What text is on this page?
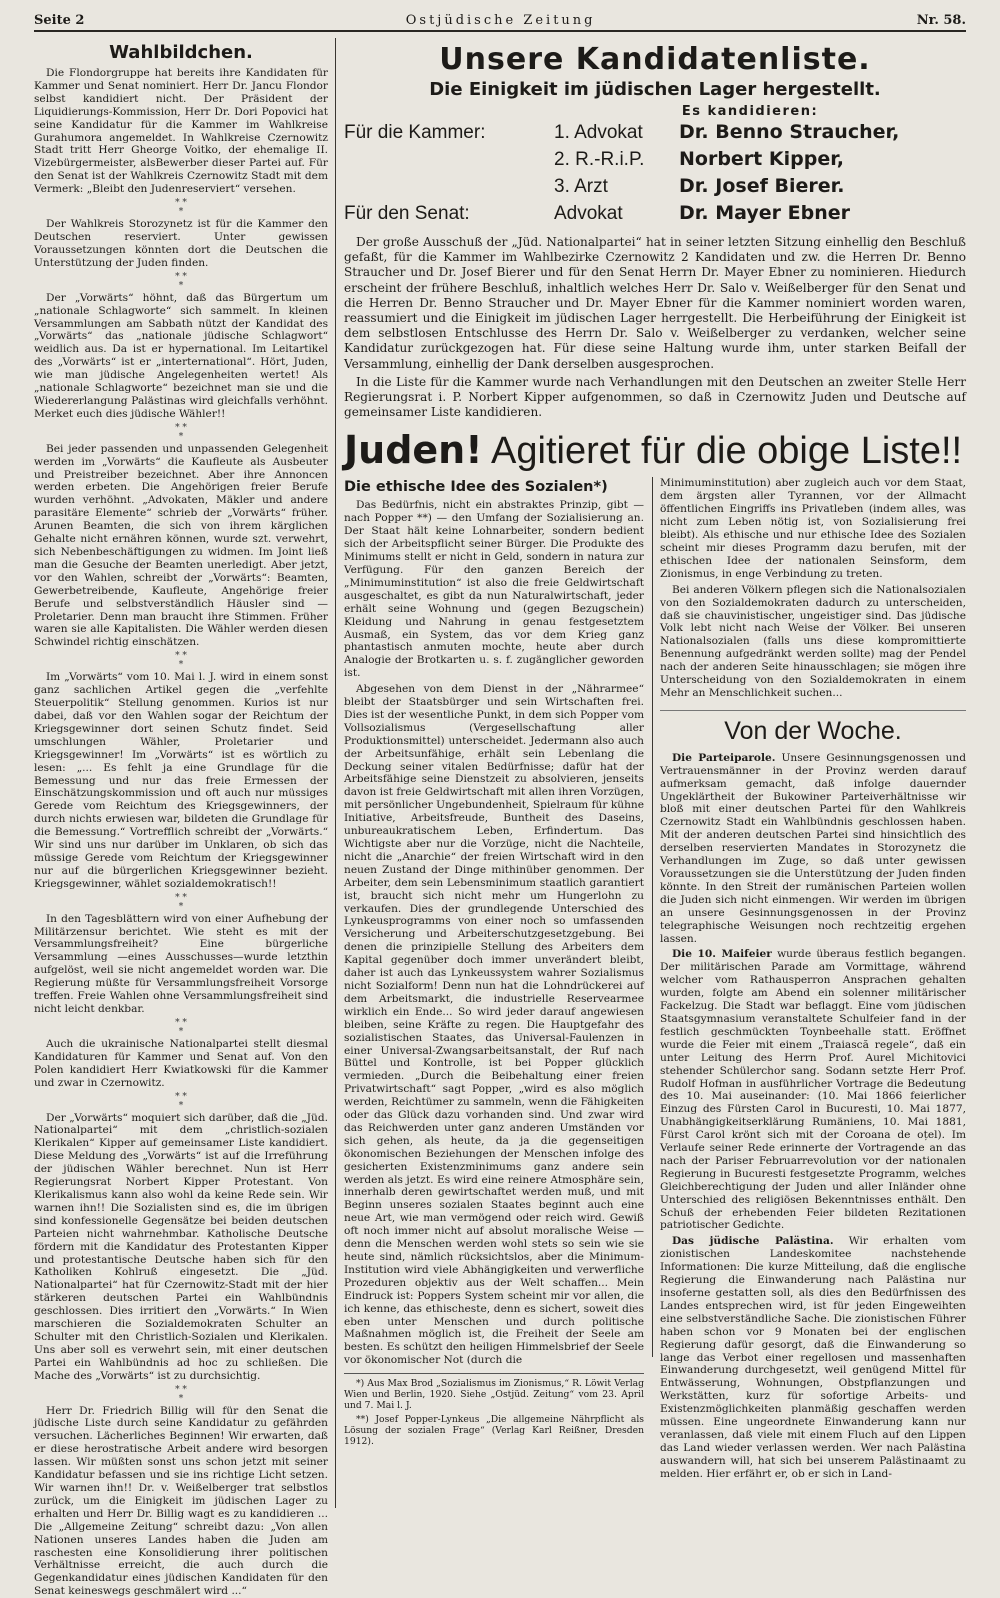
Seite 2	Ostjüdische Zeitung	Nr. 58.
Wahlbildchen.

Die Flondorgruppe hat bereits ihre Kandidaten für Kammer und Senat nominiert. Herr Dr. Jancu Flondor selbst kandidiert nicht. Der Präsident der Liquidierungs-Kommission, Herr Dr. Dori Popovici hat seine Kandidatur für die Kammer im Wahlkreise Gurahumora angemeldet. In Wahlkreise Czernowitz Stadt tritt Herr Gheorge Voitko, der ehemalige II. Vizebürgermeister, alsBewerber dieser Partei auf. Für den Senat ist der Wahlkreis Czernowitz Stadt mit dem Vermerk: „Bleibt den Judenreserviert“ versehen.

* *
*

Der Wahlkreis Storozynetz ist für die Kammer den Deutschen reserviert. Unter gewissen Voraussetzungen könnten dort die Deutschen die Unterstützung der Juden finden.

* *
*

Der „Vorwärts“ höhnt, daß das Bürgertum um „nationale Schlagworte“ sich sammelt. In kleinen Versammlungen am Sabbath nützt der Kandidat des „Vorwärts“ das „nationale jüdische Schlagwort“ weidlich aus. Da ist er hypernational. Im Leitartikel des „Vorwärts“ ist er „interternational“. Hört, Juden, wie man jüdische Angelegenheiten wertet! Als „nationale Schlagworte“ bezeichnet man sie und die Wiedererlangung Palästinas wird gleichfalls verhöhnt. Merket euch dies jüdische Wähler!!

* *
*

Bei jeder passenden und unpassenden Gelegenheit werden im „Vorwärts“ die Kaufleute als Ausbeuter und Preistreiber bezeichnet. Aber ihre Annoncen werden erbeten. Die Angehörigen freier Berufe wurden verhöhnt. „Advokaten, Mäkler und andere parasitäre Elemente“ schrieb der „Vorwärts“ früher. Arunen Beamten, die sich von ihrem kärglichen Gehalte nicht ernähren können, wurde szt. verwehrt, sich Nebenbeschäftigungen zu widmen. Im Joint ließ man die Gesuche der Beamten unerledigt. Aber jetzt, vor den Wahlen, schreibt der „Vorwärts“: Beamten, Gewerbetreibende, Kaufleute, Angehörige freier Berufe und selbstverständlich Häusler sind — Proletarier. Denn man braucht ihre Stimmen. Früher waren sie alle Kapitalisten. Die Wähler werden diesen Schwindel richtig einschätzen.

* *
*

Im „Vorwärts“ vom 10. Mai l. J. wird in einem sonst ganz sachlichen Artikel gegen die „verfehlte Steuerpolitik“ Stellung genommen. Kurios ist nur dabei, daß vor den Wahlen sogar der Reichtum der Kriegsgewinner dort seinen Schutz findet. Seid umschlungen Wähler, Proletarier und Kriegsgewinner! Im „Vorwärts“ ist es wörtlich zu lesen: „... Es fehlt ja eine Grundlage für die Bemessung und nur das freie Ermessen der Einschätzungskommission und oft auch nur müssiges Gerede vom Reichtum des Kriegsgewinners, der durch nichts erwiesen war, bildeten die Grundlage für die Bemessung.“ Vortrefflich schreibt der „Vorwärts.“ Wir sind uns nur darüber im Unklaren, ob sich das müssige Gerede vom Reichtum der Kriegsgewinner nur auf die bürgerlichen Kriegsgewinner bezieht. Kriegsgewinner, wählet sozialdemokratisch!!

* *
*

In den Tagesblättern wird von einer Aufhebung der Militärzensur berichtet. Wie steht es mit der Versammlungsfreiheit? Eine bürgerliche Versammlung —eines Ausschusses—wurde letzthin aufgelöst, weil sie nicht angemeldet worden war. Die Regierung müßte für Versammlungsfreiheit Vorsorge treffen. Freie Wahlen ohne Versammlungsfreiheit sind nicht leicht denkbar.

* *
*

Auch die ukrainische Nationalpartei stellt diesmal Kandidaturen für Kammer und Senat auf. Von den Polen kandidiert Herr Kwiatkowski für die Kammer und zwar in Czernowitz.

* *
*

Der „Vorwärts“ moquiert sich darüber, daß die „Jüd. Nationalpartei“ mit dem „christlich-sozialen Klerikalen“ Kipper auf gemeinsamer Liste kandidiert. Diese Meldung des „Vorwärts“ ist auf die Irreführung der jüdischen Wähler berechnet. Nun ist Herr Regierungsrat Norbert Kipper Protestant. Von Klerikalismus kann also wohl da keine Rede sein. Wir warnen ihn!! Die Sozialisten sind es, die im übrigen sind konfessionelle Gegensätze bei beiden deutschen Parteien nicht wahrnehmbar. Katholische Deutsche fördern mit die Kandidatur des Protestanten Kipper und protestantische Deutsche haben sich für den Katholiken Kohlruß eingesetzt. Die „Jüd. Nationalpartei“ hat für Czernowitz-Stadt mit der hier stärkeren deutschen Partei ein Wahlbündnis geschlossen. Dies irritiert den „Vorwärts.“ In Wien marschieren die Sozialdemokraten Schulter an Schulter mit den Christlich-Sozialen und Klerikalen. Uns aber soll es verwehrt sein, mit einer deutschen Partei ein Wahlbündnis ad hoc zu schließen. Die Mache des „Vorwärts“ ist zu durchsichtig.

* *
*

Herr Dr. Friedrich Billig will für den Senat die jüdische Liste durch seine Kandidatur zu gefährden versuchen. Lächerliches Beginnen! Wir erwarten, daß er diese herostratische Arbeit andere wird besorgen lassen. Wir müßten sonst uns schon jetzt mit seiner Kandidatur befassen und sie ins richtige Licht setzen. Wir warnen ihn!! Dr. v. Weißelberger trat selbstlos zurück, um die Einigkeit im jüdischen Lager zu erhalten und Herr Dr. Billig wagt es zu kandidieren ... Die „Allgemeine Zeitung“ schreibt dazu: „Von allen Nationen unseres Landes haben die Juden am raschesten eine Konsolidierung ihrer politischen Verhältnisse erreicht, die auch durch die Gegenkandidatur eines jüdischen Kandidaten für den Senat keineswegs geschmälert wird ...“

Unsere Kandidatenliste.
Die Einigkeit im jüdischen Lager hergestellt.
Es kandidieren:
Für die Kammer:	1. Advokat	Dr. Benno Straucher,
	2. R.-R.i.P.	Norbert Kipper,
	3. Arzt	Dr. Josef Bierer.
Für den Senat:	Advokat	Dr. Mayer Ebner

Der große Ausschuß der „Jüd. Nationalpartei“ hat in seiner letzten Sitzung einhellig den Beschluß gefaßt, für die Kammer im Wahlbezirke Czernowitz 2 Kandidaten und zw. die Herren Dr. Benno Straucher und Dr. Josef Bierer und für den Senat Herrn Dr. Mayer Ebner zu nominieren. Hiedurch erscheint der frühere Beschluß, inhaltlich welches Herr Dr. Salo v. Weißelberger für den Senat und die Herren Dr. Benno Straucher und Dr. Mayer Ebner für die Kammer nominiert worden waren, reassumiert und die Einigkeit im jüdischen Lager herrgestellt. Die Herbeiführung der Einigkeit ist dem selbstlosen Entschlusse des Herrn Dr. Salo v. Weißelberger zu verdanken, welcher seine Kandidatur zurückgezogen hat. Für diese seine Haltung wurde ihm, unter starken Beifall der Versammlung, einhellig der Dank derselben ausgesprochen.

In die Liste für die Kammer wurde nach Verhandlungen mit den Deutschen an zweiter Stelle Herr Regierungsrat i. P. Norbert Kipper aufgenommen, so daß in Czernowitz Juden und Deutsche auf gemeinsamer Liste kandidieren.

Juden! Agitieret für die obige Liste!!
Die ethische Idee des Sozialen*)

Das Bedürfnis, nicht ein abstraktes Prinzip, gibt — nach Popper **) — den Umfang der Sozialisierung an. Der Staat hält keine Lohnarbeiter, sondern bedient sich der Arbeitspflicht seiner Bürger. Die Produkte des Minimums stellt er nicht in Geld, sondern in natura zur Verfügung. Für den ganzen Bereich der „Minimuminstitution“ ist also die freie Geldwirtschaft ausgeschaltet, es gibt da nun Naturalwirtschaft, jeder erhält seine Wohnung und (gegen Bezugschein) Kleidung und Nahrung in genau festgesetztem Ausmaß, ein System, das vor dem Krieg ganz phantastisch anmuten mochte, heute aber durch Analogie der Brotkarten u. s. f. zugänglicher geworden ist.

Abgesehen von dem Dienst in der „Nährarmee“ bleibt der Staatsbürger und sein Wirtschaften frei. Dies ist der wesentliche Punkt, in dem sich Popper vom Vollsozialismus (Vergesellschaftung aller Produktionsmittel) unterscheidet. Jedermann also auch der Arbeitsunfähige, erhält sein Lebenlang die Deckung seiner vitalen Bedürfnisse; dafür hat der Arbeitsfähige seine Dienstzeit zu absolvieren, jenseits davon ist freie Geldwirtschaft mit allen ihren Vorzügen, mit persönlicher Ungebundenheit, Spielraum für kühne Initiative, Arbeitsfreude, Buntheit des Daseins, unbureaukratischem Leben, Erfindertum. Das Wichtigste aber nur die Vorzüge, nicht die Nachteile, nicht die „Anarchie“ der freien Wirtschaft wird in den neuen Zustand der Dinge mithinüber genommen. Der Arbeiter, dem sein Lebensminimum staatlich garantiert ist, braucht sich nicht mehr um Hungerlohn zu verkaufen. Dies der grundlegende Unterschied des Lynkeusprogramms von einer noch so umfassenden Versicherung und Arbeiterschutzgesetzgebung. Bei denen die prinzipielle Stellung des Arbeiters dem Kapital gegenüber doch immer unverändert bleibt, daher ist auch das Lynkeussystem wahrer Sozialismus nicht Sozialform! Denn nun hat die Lohndrückerei auf dem Arbeitsmarkt, die industrielle Reservearmee wirklich ein Ende... So wird jeder darauf angewiesen bleiben, seine Kräfte zu regen. Die Hauptgefahr des sozialistischen Staates, das Universal-Faulenzen in einer Universal-Zwangsarbeitsanstalt, der Ruf nach Büttel und Kontrolle, ist bei Popper glücklich vermieden. „Durch die Beibehaltung einer freien Privatwirtschaft“ sagt Popper, „wird es also möglich werden, Reichtümer zu sammeln, wenn die Fähigkeiten oder das Glück dazu vorhanden sind. Und zwar wird das Reichwerden unter ganz anderen Umständen vor sich gehen, als heute, da ja die gegenseitigen ökonomischen Beziehungen der Menschen infolge des gesicherten Existenzminimums ganz andere sein werden als jetzt. Es wird eine reinere Atmosphäre sein, innerhalb deren gewirtschaftet werden muß, und mit Beginn unseres sozialen Staates beginnt auch eine neue Art, wie man vermögend oder reich wird. Gewiß oft noch immer nicht auf absolut moralische Weise — denn die Menschen werden wohl stets so sein wie sie heute sind, nämlich rücksichtslos, aber die Minimum-Institution wird viele Abhängigkeiten und verwerfliche Prozeduren objektiv aus der Welt schaffen... Mein Eindruck ist: Poppers System scheint mir vor allen, die ich kenne, das ethischeste, denn es sichert, soweit dies eben unter Menschen und durch politische Maßnahmen möglich ist, die Freiheit der Seele am besten. Es schützt den heiligen Himmelsbrief der Seele vor ökonomischer Not (durch die

*) Aus Max Brod „Sozialismus im Zionismus,“ R. Löwit Verlag Wien und Berlin, 1920. Siehe „Ostjüd. Zeitung“ vom 23. April und 7. Mai l. J.

**) Josef Popper-Lynkeus „Die allgemeine Nährpflicht als Lösung der sozialen Frage“ (Verlag Karl Reißner, Dresden 1912).

Minimuminstitution) aber zugleich auch vor dem Staat, dem ärgsten aller Tyrannen, vor der Allmacht öffentlichen Eingriffs ins Privatleben (indem alles, was nicht zum Leben nötig ist, von Sozialisierung frei bleibt). Als ethische und nur ethische Idee des Sozialen scheint mir dieses Programm dazu berufen, mit der ethischen Idee der nationalen Seinsform, dem Zionismus, in enge Verbindung zu treten.

Bei anderen Völkern pflegen sich die Nationalsozialen von den Sozialdemokraten dadurch zu unterscheiden, daß sie chauvinistischer, ungeistiger sind. Das jüdische Volk lebt nicht nach Weise der Völker. Bei unseren Nationalsozialen (falls uns diese kompromittierte Benennung aufgedränkt werden sollte) mag der Pendel nach der anderen Seite hinausschlagen; sie mögen ihre Unterscheidung von den Sozialdemokraten in einem Mehr an Menschlichkeit suchen...

Von der Woche.

Die Parteiparole. Unsere Gesinnungsgenossen und Vertrauensmänner in der Provinz werden darauf aufmerksam gemacht, daß infolge dauernder Ungeklärtheit der Bukowiner Parteiverhältnisse wir bloß mit einer deutschen Partei für den Wahlkreis Czernowitz Stadt ein Wahlbündnis geschlossen haben. Mit der anderen deutschen Partei sind hinsichtlich des derselben reservierten Mandates in Storozynetz die Verhandlungen im Zuge, so daß unter gewissen Voraussetzungen sie die Unterstützung der Juden finden könnte. In den Streit der rumänischen Parteien wollen die Juden sich nicht einmengen. Wir werden im übrigen an unsere Gesinnungsgenossen in der Provinz telegraphische Weisungen noch rechtzeitig ergehen lassen.

Die 10. Maifeier wurde überaus festlich begangen. Der militärischen Parade am Vormittage, während welcher vom Rathausperron Ansprachen gehalten wurden, folgte am Abend ein solenner militärischer Fackelzug. Die Stadt war beflaggt. Eine vom jüdischen Staatsgymnasium veranstaltete Schulfeier fand in der festlich geschmückten Toynbeehalle statt. Eröffnet wurde die Feier mit einem „Traiască regele“, daß ein unter Leitung des Herrn Prof. Aurel Michitovici stehender Schülerchor sang. Sodann setzte Herr Prof. Rudolf Hofman in ausführlicher Vortrage die Bedeutung des 10. Mai auseinander: (10. Mai 1866 feierlicher Einzug des Fürsten Carol in Bucuresti, 10. Mai 1877, Unabhängigkeitserklärung Rumäniens, 10. Mai 1881, Fürst Carol krönt sich mit der Coroana de oțel). Im Verlaufe seiner Rede erinnerte der Vortragende an das nach der Pariser Februarrevolution vor der nationalen Regierung in Bucuresti festgesetzte Programm, welches Gleichberechtigung der Juden und aller Inländer ohne Unterschied des religiösen Bekenntnisses enthält. Den Schuß der erhebenden Feier bildeten Rezitationen patriotischer Gedichte.

Das jüdische Palästina. Wir erhalten vom zionistischen Landeskomitee nachstehende Informationen: Die kurze Mitteilung, daß die englische Regierung die Einwanderung nach Palästina nur insoferne gestatten soll, als dies den Bedürfnissen des Landes entsprechen wird, ist für jeden Eingeweihten eine selbstverständliche Sache. Die zionistischen Führer haben schon vor 9 Monaten bei der englischen Regierung dafür gesorgt, daß die Einwanderung so lange das Verbot einer regellosen und massenhaften Einwanderung durchgesetzt, weil genügend Mittel für Entwässerung, Wohnungen, Obstpflanzungen und Werkstätten, kurz für sofortige Arbeits- und Existenzmöglichkeiten planmäßig geschaffen werden müssen. Eine ungeordnete Einwanderung kann nur veranlassen, daß viele mit einem Fluch auf den Lippen das Land wieder verlassen werden. Wer nach Palästina auswandern will, hat sich bei unserem Palästinaamt zu melden. Hier erfährt er, ob er sich in Land-
